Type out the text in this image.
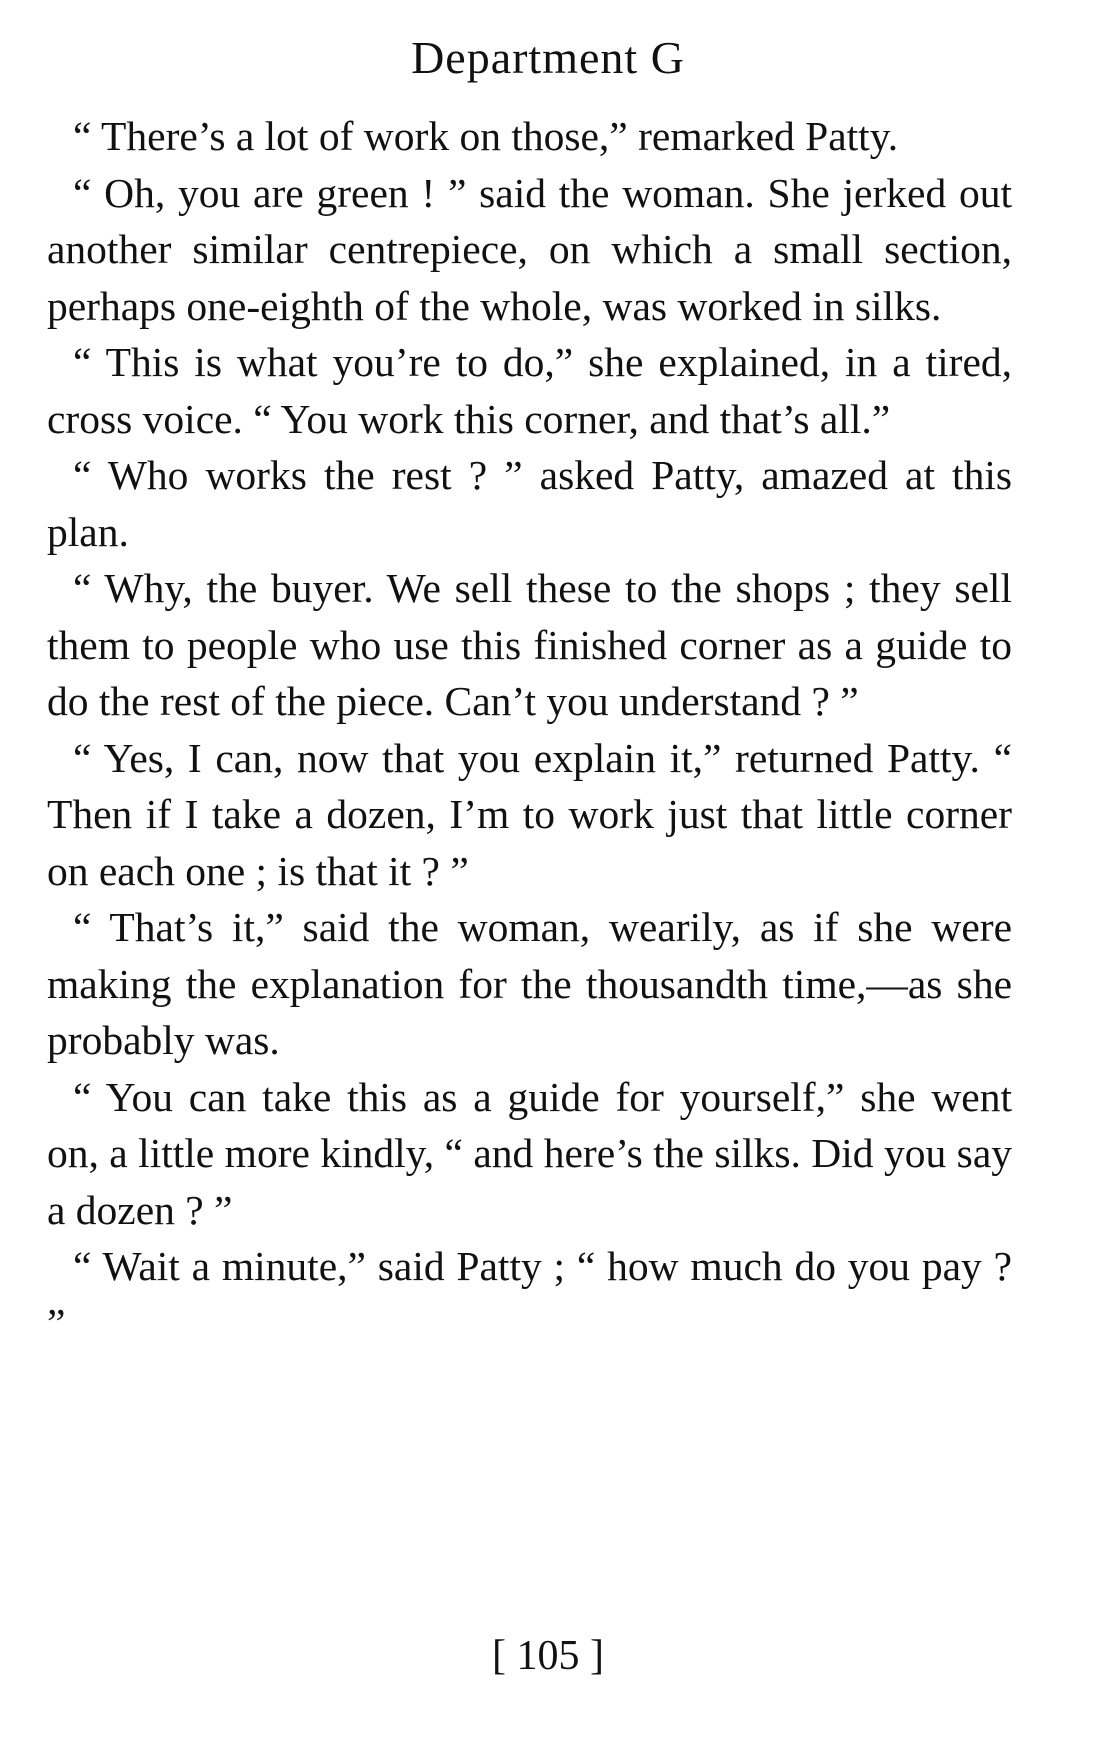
Department G

“ There’s a lot of work on those,” remarked Patty.

“ Oh, you are green ! ” said the woman. She jerked out another similar centrepiece, on which a small section, perhaps one-eighth of the whole, was worked in silks.

“ This is what you’re to do,” she explained, in a tired, cross voice. “ You work this corner, and that’s all.”

“ Who works the rest ? ” asked Patty, amazed at this plan.

“ Why, the buyer. We sell these to the shops ; they sell them to people who use this finished corner as a guide to do the rest of the piece. Can’t you understand ? ”

“ Yes, I can, now that you explain it,” returned Patty. “ Then if I take a dozen, I’m to work just that little corner on each one ; is that it ? ”

“ That’s it,” said the woman, wearily, as if she were making the explanation for the thousandth time,—as she probably was.

“ You can take this as a guide for yourself,” she went on, a little more kindly, “ and here’s the silks. Did you say a dozen ? ”

“ Wait a minute,” said Patty ; “ how much do you pay ? ”

[ 105 ]
